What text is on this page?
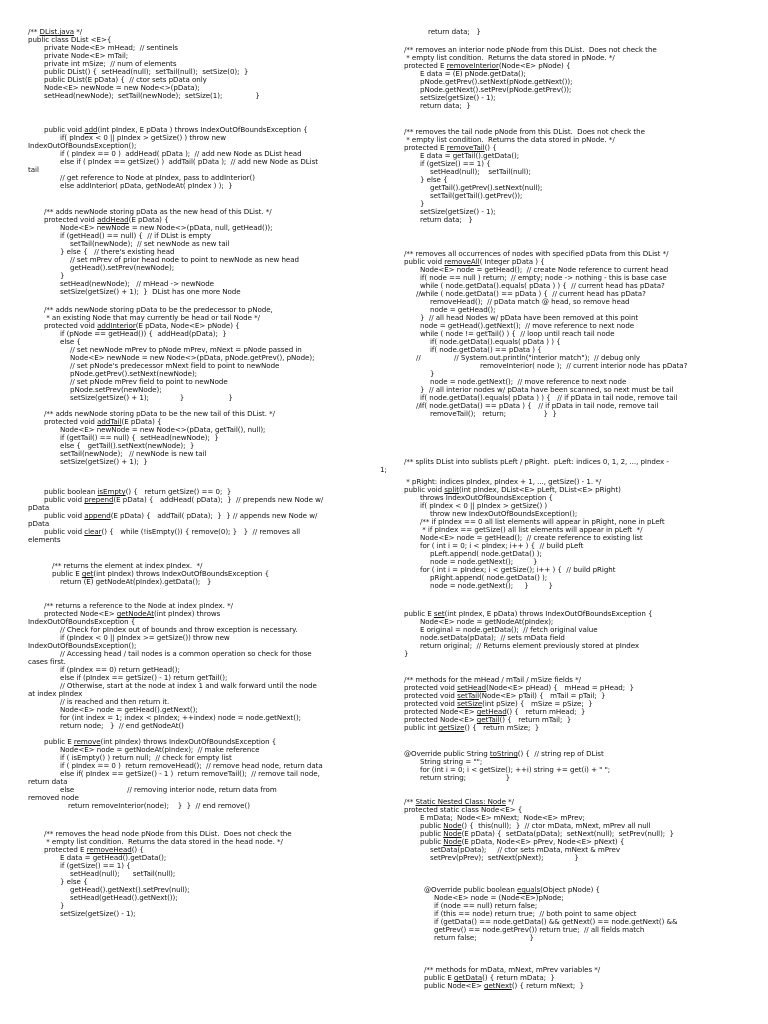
/** DList.java */
public class DList <E>{
private Node<E> mHead;  // sentinels
private Node<E> mTail;
private int mSize;  // num of elements
public DList() {  setHead(null);  setTail(null);  setSize(0);  }
public DList(E pData) {  // ctor sets pData only
Node<E> newNode = new Node<>(pData);
setHead(newNode);  setTail(newNode);  setSize(1);               }
public void add(int pIndex, E pData ) throws IndexOutOfBoundsException {
if( pIndex < 0 || pIndex > getSize() ) throw new
IndexOutOfBoundsException();
if ( pIndex == 0 )  addHead( pData );  // add new Node as DList head
else if ( pIndex == getSize() )  addTail( pData );  // add new Node as DList
tail
// get reference to Node at pIndex, pass to addInterior()
else addInterior( pData, getNodeAt( pIndex ) );  }
/** adds newNode storing pData as the new head of this DList. */
protected void addHead(E pData) {
Node<E> newNode = new Node<>(pData, null, getHead());
if (getHead() == null) {  // if DList is empty
setTail(newNode);  // set newNode as new tail
} else {   // there's existing head
// set mPrev of prior head node to point to newNode as new head
getHead().setPrev(newNode);
}
setHead(newNode);   // mHead -> newNode
setSize(getSize() + 1);  }  DList has one more Node
/** adds newNode storing pData to be the predecessor to pNode,
* an existing Node that may currently be head or tail Node */
protected void addInterior(E pData, Node<E> pNode) {
if (pNode == getHead()) {  addHead(pData);  }
else {
// set newNode mPrev to pNode mPrev, mNext = pNode passed in
Node<E> newNode = new Node<>(pData, pNode.getPrev(), pNode);
// set pNode's predecessor mNext field to point to newNode
pNode.getPrev().setNext(newNode);
// set pNode mPrev field to point to newNode
pNode.setPrev(newNode);
setSize(getSize() + 1);              }                    }
/** adds newNode storing pData to be the new tail of this DList. */
protected void addTail(E pData) {
Node<E> newNode = new Node<>(pData, getTail(), null);
if (getTail() == null) {  setHead(newNode);  }
else {   getTail().setNext(newNode);  }
setTail(newNode);   // newNode is new tail
setSize(getSize() + 1);  }
public boolean isEmpty() {   return getSize() == 0;  }
public void prepend(E pData) {   addHead( pData);  }  // prepends new Node w/
pData
public void append(E pData) {   addTail( pData);  }  } // appends new Node w/
pData
public void clear() {   while (!isEmpty()) { remove(0); }   }  // removes all
elements
/** returns the element at index pIndex.  */
public E get(int pIndex) throws IndexOutOfBoundsException {
return (E) getNodeAt(pIndex).getData();   }
/** returns a reference to the Node at index pIndex. */
protected Node<E> getNodeAt(int pIndex) throws
IndexOutOfBoundsException {
// Check for pIndex out of bounds and throw exception is necessary.
if (pIndex < 0 || pIndex >= getSize()) throw new
IndexOutOfBoundsException();
// Accessing head / tail nodes is a common operation so check for those
cases first.
if (pIndex == 0) return getHead();
else if (pIndex == getSize() - 1) return getTail();
// Otherwise, start at the node at index 1 and walk forward until the node
at index pIndex
// is reached and then return it.
Node<E> node = getHead().getNext();
for (int index = 1; index < pIndex; ++index) node = node.getNext();
return node;   }  // end getNodeAt()
public E remove(int pIndex) throws IndexOutOfBoundsException {
Node<E> node = getNodeAt(pIndex);  // make reference
if ( isEmpty() ) return null;  // check for empty list
if ( pIndex == 0 )  return removeHead();  // remove head node, return data
else if( pIndex == getSize() - 1 )  return removeTail();  // remove tail node,
return data
else                        // removing interior node, return data from
removed node
return removeInterior(node);    }  }  // end remove()
/** removes the head node pNode from this DList.  Does not check the
* empty list condition.  Returns the data stored in the head node. */
protected E removeHead() {
E data = getHead().getData();
if (getSize() == 1) {
setHead(null);      setTail(null);
} else {
getHead().getNext().setPrev(null);
setHead(getHead().getNext());
}
setSize(getSize() - 1);
return data;   }
/** removes an interior node pNode from this DList.  Does not check the
* empty list condition.  Returns the data stored in pNode. */
protected E removeInterior(Node<E> pNode) {
E data = (E) pNode.getData();
pNode.getPrev().setNext(pNode.getNext());
pNode.getNext().setPrev(pNode.getPrev());
setSize(getSize() - 1);
return data;  }
/** removes the tail node pNode from this DList.  Does not check the
* empty list condition.  Returns the data stored in pNode. */
protected E removeTail() {
E data = getTail().getData();
if (getSize() == 1) {
setHead(null);    setTail(null);
} else {
getTail().getPrev().setNext(null);
setTail(getTail().getPrev());
}
setSize(getSize() - 1);
return data;   }
/** removes all occurrences of nodes with specified pData from this DList */
public void removeAll( Integer pData ) {
Node<E> node = getHead();  // create Node reference to current head
if( node == null ) return;  // empty; node -> nothing - this is base case
while ( node.getData().equals( pData ) ) {  // current head has pData?
while ( node.getData() == pData ) {  // current head has pData?
removeHead();  // pData match @ head, so remove head
node = getHead();
}  // all head Nodes w/ pData have been removed at this point
node = getHead().getNext();  // move reference to next node
while ( node != getTail() ) {  // loop until reach tail node
if( node.getData().equals( pData ) ) {
if( node.getData() == pData ) {
// System.out.println("interior match");  // debug only
removeInterior( node );  // current interior node has pData?
}
node = node.getNext();  // move reference to next node
}  // all interior nodes w/ pData have been scanned, so next must be tail
if( node.getData().equals( pData ) ) {   // if pData in tail node, remove tail
if( node.getData() == pData ) {   // if pData in tail node, remove tail
removeTail();   return;                 }  }
/** splits DList into sublists pLeft / pRight.  pLeft: indices 0, 1, 2, ..., pIndex -
1;
* pRight: indices pIndex, pIndex + 1, ..., getSize() - 1. */
public void split(int pIndex, DList<E> pLeft, DList<E> pRight)
throws IndexOutOfBoundsException {
if( pIndex < 0 || pIndex > getSize() )
throw new IndexOutOfBoundsException();
/** if pIndex == 0 all list elements will appear in pRight, none in pLeft
* if pIndex == getSize() all list elements will appear in pLeft  */
Node<E> node = getHead();  // create reference to existing list
for ( int i = 0; i < pIndex; i++ ) {  // build pLeft
pLeft.append( node.getData() );
node = node.getNext();         }
for ( int i = pIndex; i < getSize(); i++ ) {  // build pRight
pRight.append( node.getData() );
node = node.getNext();     }         }
public E set(int pIndex, E pData) throws IndexOutOfBoundsException {
Node<E> node = getNodeAt(pIndex);
E original = node.getData();  // fetch original value
node.setData(pData);  // sets mData field
return original;  // Returns element previously stored at pIndex
}
/** methods for the mHead / mTail / mSize fields */
protected void setHead(Node<E> pHead) {   mHead = pHead;  }
protected void setTail(Node<E> pTail) {   mTail = pTail;  }
protected void setSize(int pSize) {   mSize = pSize;  }
protected Node<E> getHead() {   return mHead;  }
protected Node<E> getTail() {   return mTail;  }
public int getSize() {   return mSize;  }
@Override public String toString() {  // string rep of DList
String string = "";
for (int i = 0; i < getSize(); ++i) string += get(i) + " ";
return string;                  }
/** Static Nested Class: Node */
protected static class Node<E> {
E mData;  Node<E> mNext;  Node<E> mPrev;
public Node() {  this(null);  }  // ctor mData, mNext, mPrev all null
public Node(E pData) {  setData(pData);  setNext(null);  setPrev(null);  }
public Node(E pData, Node<E> pPrev, Node<E> pNext) {
setData(pData);     // ctor sets mData, mNext & mPrev
setPrev(pPrev);  setNext(pNext);              }
@Override public boolean equals(Object pNode) {
Node<E> node = (Node<E>)pNode;
if (node == null) return false;
if (this == node) return true;  // both point to same object
if (getData() == node.getData() && getNext() == node.getNext() &&
getPrev() == node.getPrev()) return true;  // all fields match
return false;                        }
/** methods for mData, mNext, mPrev variables */
public E getData() { return mData;  }
public Node<E> getNext() { return mNext;  }
//
//
//
